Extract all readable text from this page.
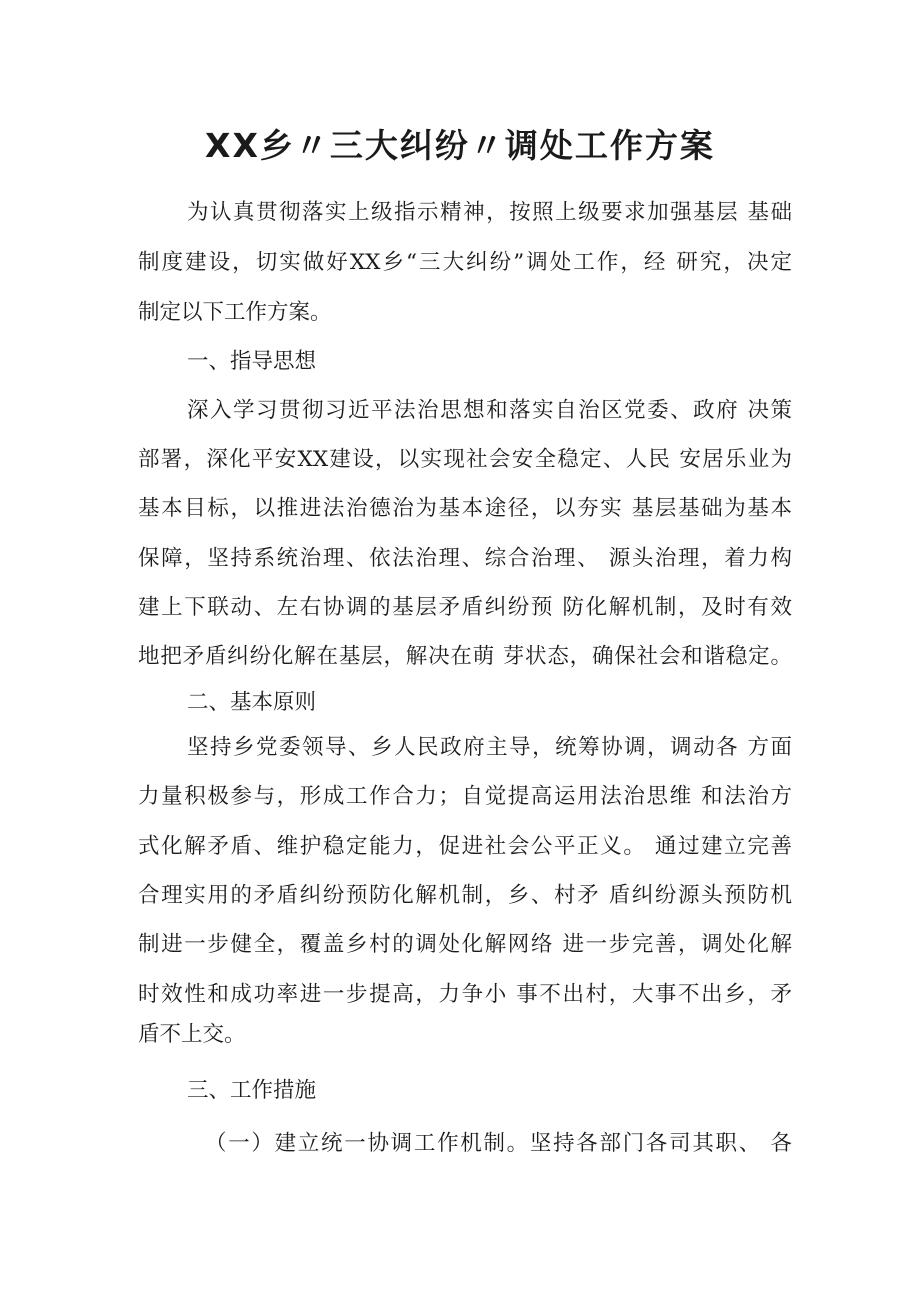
XX乡〃三大纠纷〃调处工作方案

为认真贯彻落实上级指示精神，按照上级要求加强基层 基础

制度建设，切实做好XX乡“三大纠纷”调处工作，经 研究，决定

制定以下工作方案。

一、指导思想

深入学习贯彻习近平法治思想和落实自治区党委、政府 决策

部署，深化平安XX建设，以实现社会安全稳定、人民 安居乐业为

基本目标，以推进法治德治为基本途径，以夯实 基层基础为基本

保障，坚持系统治理、依法治理、综合治理、 源头治理，着力构

建上下联动、左右协调的基层矛盾纠纷预 防化解机制，及时有效

地把矛盾纠纷化解在基层，解决在萌 芽状态，确保社会和谐稳定。

二、基本原则

坚持乡党委领导、乡人民政府主导，统筹协调，调动各 方面

力量积极参与，形成工作合力；自觉提高运用法治思维 和法治方

式化解矛盾、维护稳定能力，促进社会公平正义。 通过建立完善

合理实用的矛盾纠纷预防化解机制，乡、村矛 盾纠纷源头预防机

制进一步健全，覆盖乡村的调处化解网络 进一步完善，调处化解

时效性和成功率进一步提高，力争小 事不出村，大事不出乡，矛

盾不上交。

三、工作措施

（一）建立统一协调工作机制。坚持各部门各司其职、 各
